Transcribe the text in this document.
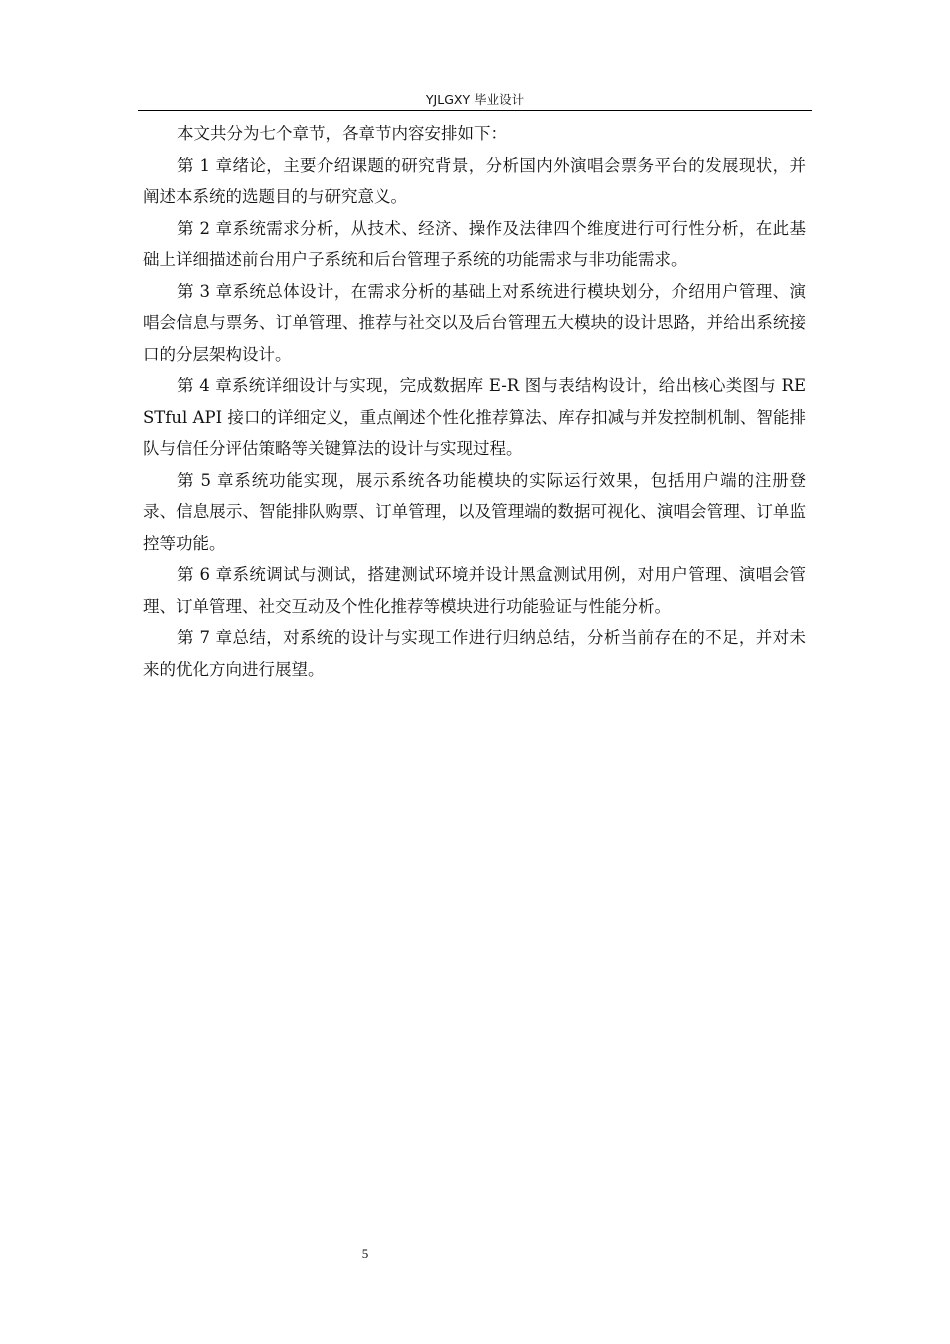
YJLGXY 毕业设计

本文共分为七个章节，各章节内容安排如下：

第 1 章绪论，主要介绍课题的研究背景，分析国内外演唱会票务平台的发展现状，并阐述本系统的选题目的与研究意义。

第 2 章系统需求分析，从技术、经济、操作及法律四个维度进行可行性分析，在此基础上详细描述前台用户子系统和后台管理子系统的功能需求与非功能需求。

第 3 章系统总体设计，在需求分析的基础上对系统进行模块划分，介绍用户管理、演唱会信息与票务、订单管理、推荐与社交以及后台管理五大模块的设计思路，并给出系统接口的分层架构设计。

第 4 章系统详细设计与实现，完成数据库 E-R 图与表结构设计，给出核心类图与 RESTful API 接口的详细定义，重点阐述个性化推荐算法、库存扣减与并发控制机制、智能排队与信任分评估策略等关键算法的设计与实现过程。

第 5 章系统功能实现，展示系统各功能模块的实际运行效果，包括用户端的注册登录、信息展示、智能排队购票、订单管理，以及管理端的数据可视化、演唱会管理、订单监控等功能。

第 6 章系统调试与测试，搭建测试环境并设计黑盒测试用例，对用户管理、演唱会管理、订单管理、社交互动及个性化推荐等模块进行功能验证与性能分析。

第 7 章总结，对系统的设计与实现工作进行归纳总结，分析当前存在的不足，并对未来的优化方向进行展望。

5
